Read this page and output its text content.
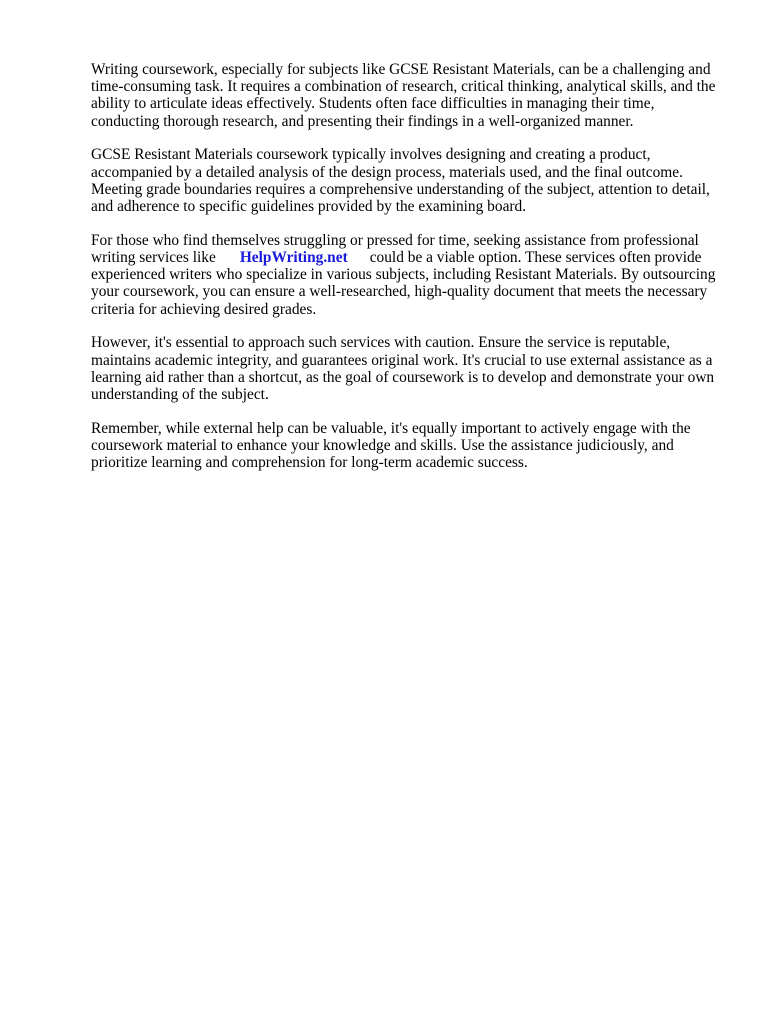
Writing coursework, especially for subjects like GCSE Resistant Materials, can be a challenging and
time-consuming task. It requires a combination of research, critical thinking, analytical skills, and the
ability to articulate ideas effectively. Students often face difficulties in managing their time,
conducting thorough research, and presenting their findings in a well-organized manner.

GCSE Resistant Materials coursework typically involves designing and creating a product,
accompanied by a detailed analysis of the design process, materials used, and the final outcome.
Meeting grade boundaries requires a comprehensive understanding of the subject, attention to detail,
and adherence to specific guidelines provided by the examining board.

For those who find themselves struggling or pressed for time, seeking assistance from professional
writing services like HelpWriting.net could be a viable option. These services often provide
experienced writers who specialize in various subjects, including Resistant Materials. By outsourcing
your coursework, you can ensure a well-researched, high-quality document that meets the necessary
criteria for achieving desired grades.

However, it's essential to approach such services with caution. Ensure the service is reputable,
maintains academic integrity, and guarantees original work. It's crucial to use external assistance as a
learning aid rather than a shortcut, as the goal of coursework is to develop and demonstrate your own
understanding of the subject.

Remember, while external help can be valuable, it's equally important to actively engage with the
coursework material to enhance your knowledge and skills. Use the assistance judiciously, and
prioritize learning and comprehension for long-term academic success.
